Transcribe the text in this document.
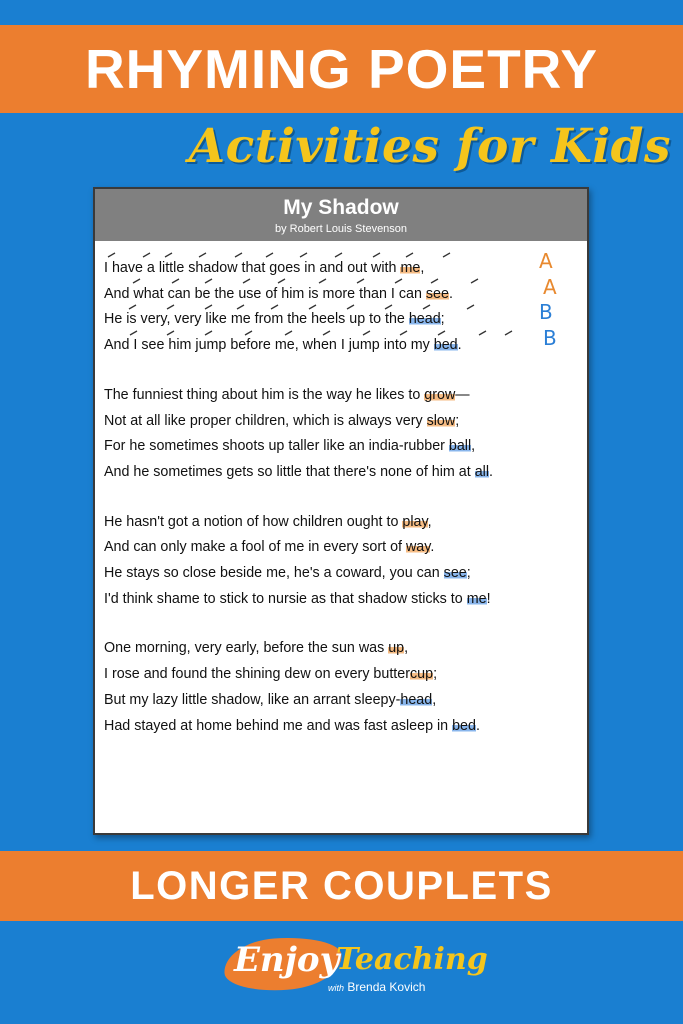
RHYMING POETRY
Activities for Kids
My Shadow
by Robert Louis Stevenson
I have a little shadow that goes in and out with me,
And what can be the use of him is more than I can see.
He is very, very like me from the heels up to the head;
And I see him jump before me, when I jump into my bed.
The funniest thing about him is the way he likes to grow—
Not at all like proper children, which is always very slow;
For he sometimes shoots up taller like an india-rubber ball,
And he sometimes gets so little that there's none of him at all.
He hasn't got a notion of how children ought to play,
And can only make a fool of me in every sort of way.
He stays so close beside me, he's a coward, you can see;
I'd think shame to stick to nursie as that shadow sticks to me!
One morning, very early, before the sun was up,
I rose and found the shining dew on every buttercup;
But my lazy little shadow, like an arrant sleepy-head,
Had stayed at home behind me and was fast asleep in bed.
A
A
B
B
LONGER COUPLETS
Enjoy
Teaching
with Brenda Kovich
